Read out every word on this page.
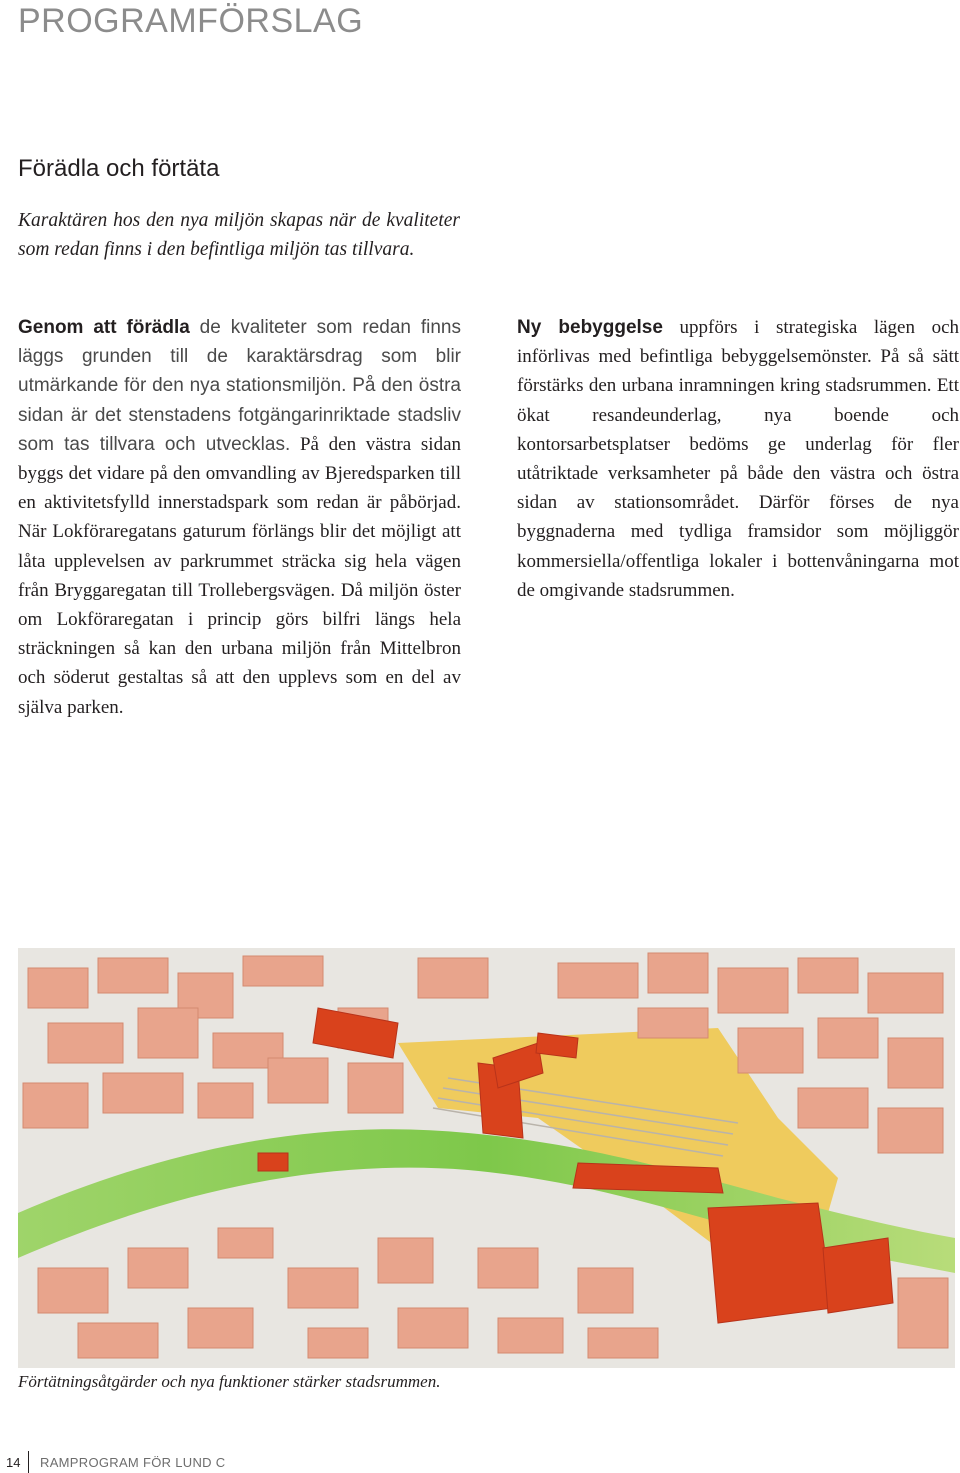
PROGRAMFÖRSLAG
Förädla och förtäta
Karaktären hos den nya miljön skapas när de kvaliteter som redan finns i den befintliga miljön tas tillvara.
Genom att förädla de kvaliteter som redan finns läggs grunden till de karaktärsdrag som blir utmärkande för den nya stationsmiljön. På den östra sidan är det stenstadens fotgängarinriktade stadsliv som tas tillvara och utvecklas. På den västra sidan byggs det vidare på den omvandling av Bjeredsparken till en aktivitetsfylld innerstadspark som redan är påbörjad. När Lokföraregatans gaturum förlängs blir det möjligt att låta upplevelsen av parkrummet sträcka sig hela vägen från Bryggaregatan till Trollebergsvägen. Då miljön öster om Lokföraregatan i princip görs bilfri längs hela sträckningen så kan den urbana miljön från Mittelbron och söderut gestaltas så att den upplevs som en del av själva parken.
Ny bebyggelse uppförs i strategiska lägen och införlivas med befintliga bebyggelsemönster. På så sätt förstärks den urbana inramningen kring stadsrummen. Ett ökat resandeunderlag, nya boende och kontorsarbetsplatser bedöms ge underlag för fler utåtriktade verksamheter på både den västra och östra sidan av stationsområdet. Därför förses de nya byggnaderna med tydliga framsidor som möjliggör kommersiella/offentliga lokaler i bottenvåningarna mot de omgivande stadsrummen.
Förtätningsåtgärder och nya funktioner stärker stadsrummen.
14 RAMPROGRAM FÖR LUND C
